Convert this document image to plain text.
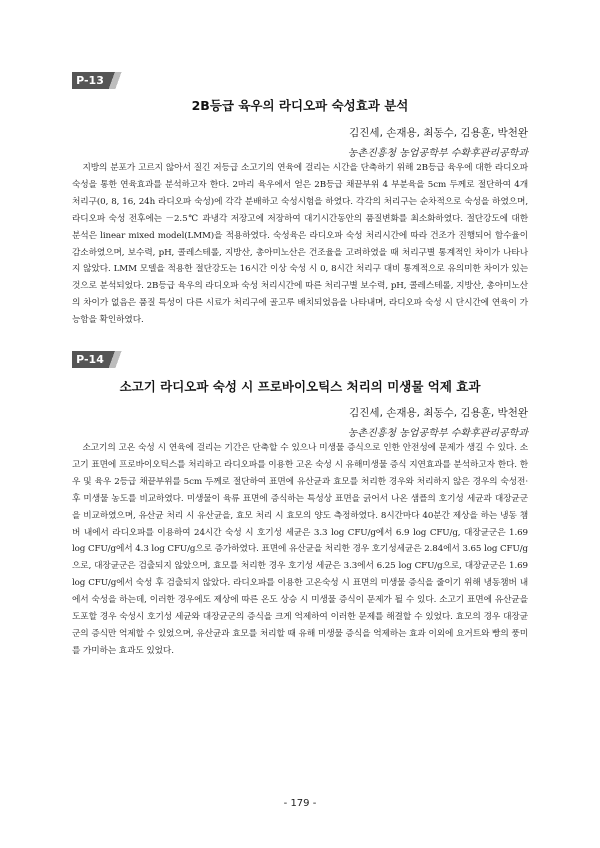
P-13
2B등급 육우의 라디오파 숙성효과 분석
김진세, 손재용, 최동수, 김용훈, 박천완
농촌진흥청 농업공학부 수확후관리공학과

지방의 분포가 고르지 않아서 질긴 저등급 소고기의 연육에 걸리는 시간을 단축하기 위해 2B등급 육우에 대한 라디오파 숙성을 통한 연육효과를 분석하고자 한다. 2마리 육우에서 얻은 2B등급 채끝부위 4 부분육을 5cm 두께로 절단하여 4개 처리구(0, 8, 16, 24h 라디오파 숙성)에 각각 분배하고 숙성시험을 하였다. 각각의 처리구는 순차적으로 숙성을 하였으며, 라디오파 숙성 전후에는 －2.5℃ 과냉각 저장고에 저장하여 대기시간동안의 품질변화를 최소화하였다. 절단강도에 대한 분석은 linear mixed model(LMM)을 적용하였다. 숙성육은 라디오파 숙성 처리시간에 따라 건조가 진행되어 함수율이 감소하였으며, 보수력, pH, 콜레스테롤, 지방산, 총아미노산은 건조율을 고려하였을 때 처리구별 통계적인 차이가 나타나지 않았다. LMM 모델을 적용한 절단강도는 16시간 이상 숙성 시 0, 8시간 처리구 대비 통계적으로 유의미한 차이가 있는 것으로 분석되었다. 2B등급 육우의 라디오파 숙성 처리시간에 따른 처리구별 보수력, pH, 콜레스테롤, 지방산, 총아미노산의 차이가 없음은 품질 특성이 다른 시료가 처리구에 골고루 배치되었음을 나타내며, 라디오파 숙성 시 단시간에 연육이 가능함을 확인하였다.

P-14
소고기 라디오파 숙성 시 프로바이오틱스 처리의 미생물 억제 효과
김진세, 손재용, 최동수, 김용훈, 박천완
농촌진흥청 농업공학부 수확후관리공학과

소고기의 고온 숙성 시 연육에 걸리는 기간은 단축할 수 있으나 미생물 증식으로 인한 안전성에 문제가 생길 수 있다. 소고기 표면에 프로바이오틱스를 처리하고 라디오파를 이용한 고온 숙성 시 유해미생물 증식 지연효과를 분석하고자 한다. 한우 및 육우 2등급 채끝부위를 5cm 두께로 절단하여 표면에 유산균과 효모를 처리한 경우와 처리하지 않은 경우의 숙성전·후 미생물 농도를 비교하였다. 미생물이 육류 표면에 증식하는 특성상 표면을 긁어서 나온 샘플의 호기성 세균과 대장균군을 비교하였으며, 유산균 처리 시 유산균을, 효모 처리 시 효모의 양도 측정하였다. 8시간마다 40분간 제상을 하는 냉동 챔버 내에서 라디오파를 이용하여 24시간 숙성 시 호기성 세균은 3.3 log CFU/g에서 6.9 log CFU/g, 대장균군은 1.69 log CFU/g에서 4.3 log CFU/g으로 증가하였다. 표면에 유산균을 처리한 경우 호기성세균은 2.84에서 3.65 log CFU/g으로, 대장균군은 검출되지 않았으며, 효모를 처리한 경우 호기성 세균은 3.3에서 6.25 log CFU/g으로, 대장균군은 1.69 log CFU/g에서 숙성 후 검출되지 않았다. 라디오파를 이용한 고온숙성 시 표면의 미생물 증식을 줄이기 위해 냉동챔버 내에서 숙성을 하는데, 이러한 경우에도 제상에 따른 온도 상승 시 미생물 증식이 문제가 될 수 있다. 소고기 표면에 유산균을 도포할 경우 숙성시 호기성 세균와 대장균군의 증식을 크게 억제하여 이러한 문제를 해결할 수 있었다. 효모의 경우 대장균군의 증식만 억제할 수 있었으며, 유산균과 효모를 처리할 때 유해 미생물 증식을 억제하는 효과 이외에 요거트와 빵의 풍미를 가미하는 효과도 있었다.

- 179 -
